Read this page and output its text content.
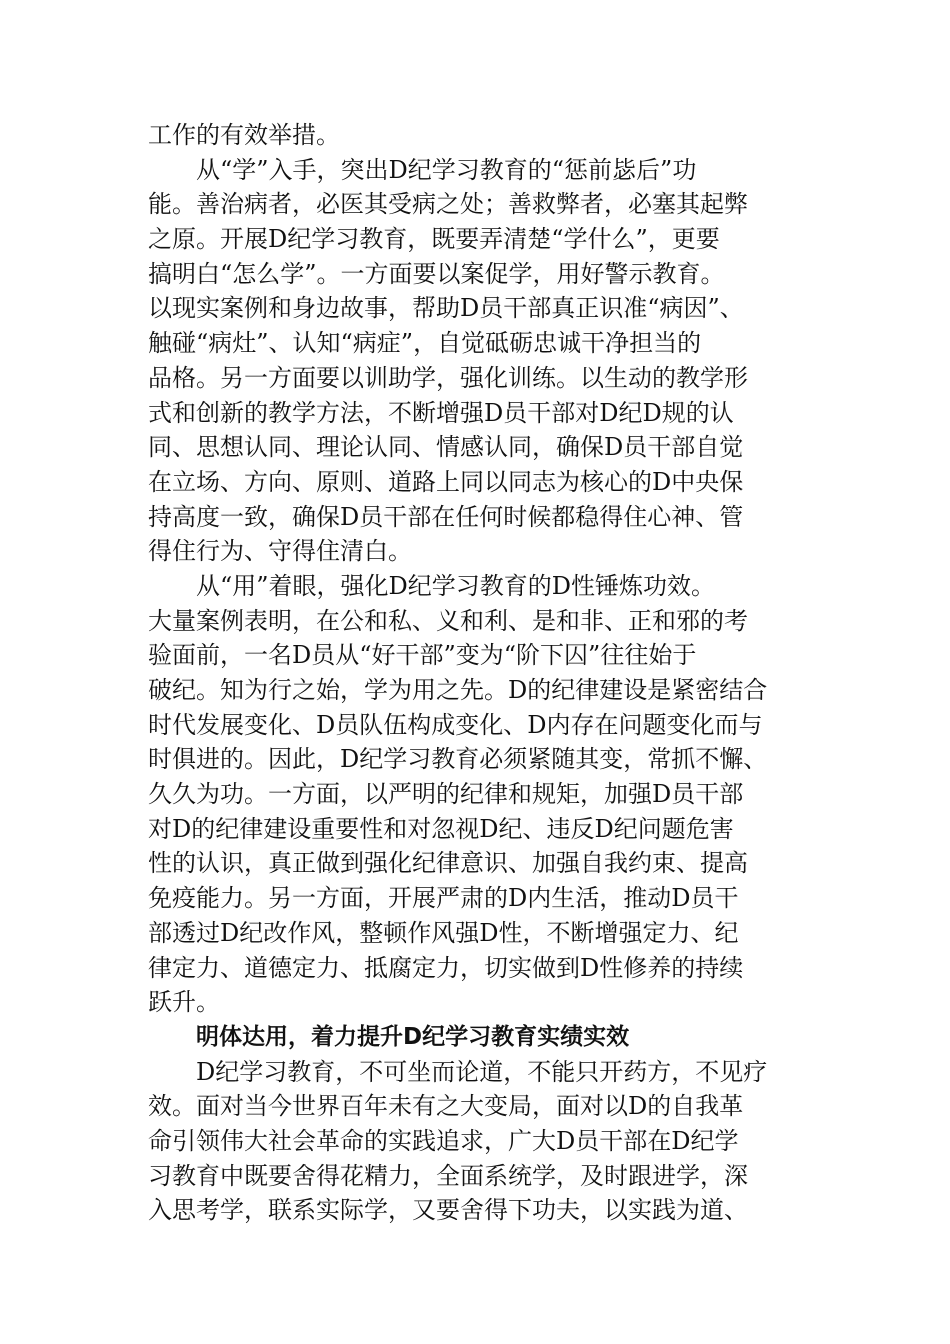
工作的有效举措。
从“学”入手，突出D纪学习教育的“惩前毖后”功
能。善治病者，必医其受病之处；善救弊者，必塞其起弊
之原。开展D纪学习教育，既要弄清楚“学什么”，更要
搞明白“怎么学”。一方面要以案促学，用好警示教育。
以现实案例和身边故事，帮助D员干部真正识准“病因”、
触碰“病灶”、认知“病症”，自觉砥砺忠诚干净担当的
品格。另一方面要以训助学，强化训练。以生动的教学形
式和创新的教学方法，不断增强D员干部对D纪D规的认
同、思想认同、理论认同、情感认同，确保D员干部自觉
在立场、方向、原则、道路上同以同志为核心的D中央保
持高度一致，确保D员干部在任何时候都稳得住心神、管
得住行为、守得住清白。
从“用”着眼，强化D纪学习教育的D性锤炼功效。
大量案例表明，在公和私、义和利、是和非、正和邪的考
验面前，一名D员从“好干部”变为“阶下囚”往往始于
破纪。知为行之始，学为用之先。D的纪律建设是紧密结合
时代发展变化、D员队伍构成变化、D内存在问题变化而与
时俱进的。因此，D纪学习教育必须紧随其变，常抓不懈、
久久为功。一方面，以严明的纪律和规矩，加强D员干部
对D的纪律建设重要性和对忽视D纪、违反D纪问题危害
性的认识，真正做到强化纪律意识、加强自我约束、提高
免疫能力。另一方面，开展严肃的D内生活，推动D员干
部透过D纪改作风，整顿作风强D性，不断增强定力、纪
律定力、道德定力、抵腐定力，切实做到D性修养的持续
跃升。
明体达用，着力提升D纪学习教育实绩实效
D纪学习教育，不可坐而论道，不能只开药方，不见疗
效。面对当今世界百年未有之大变局，面对以D的自我革
命引领伟大社会革命的实践追求，广大D员干部在D纪学
习教育中既要舍得花精力，全面系统学，及时跟进学，深
入思考学，联系实际学，又要舍得下功夫，以实践为道、
